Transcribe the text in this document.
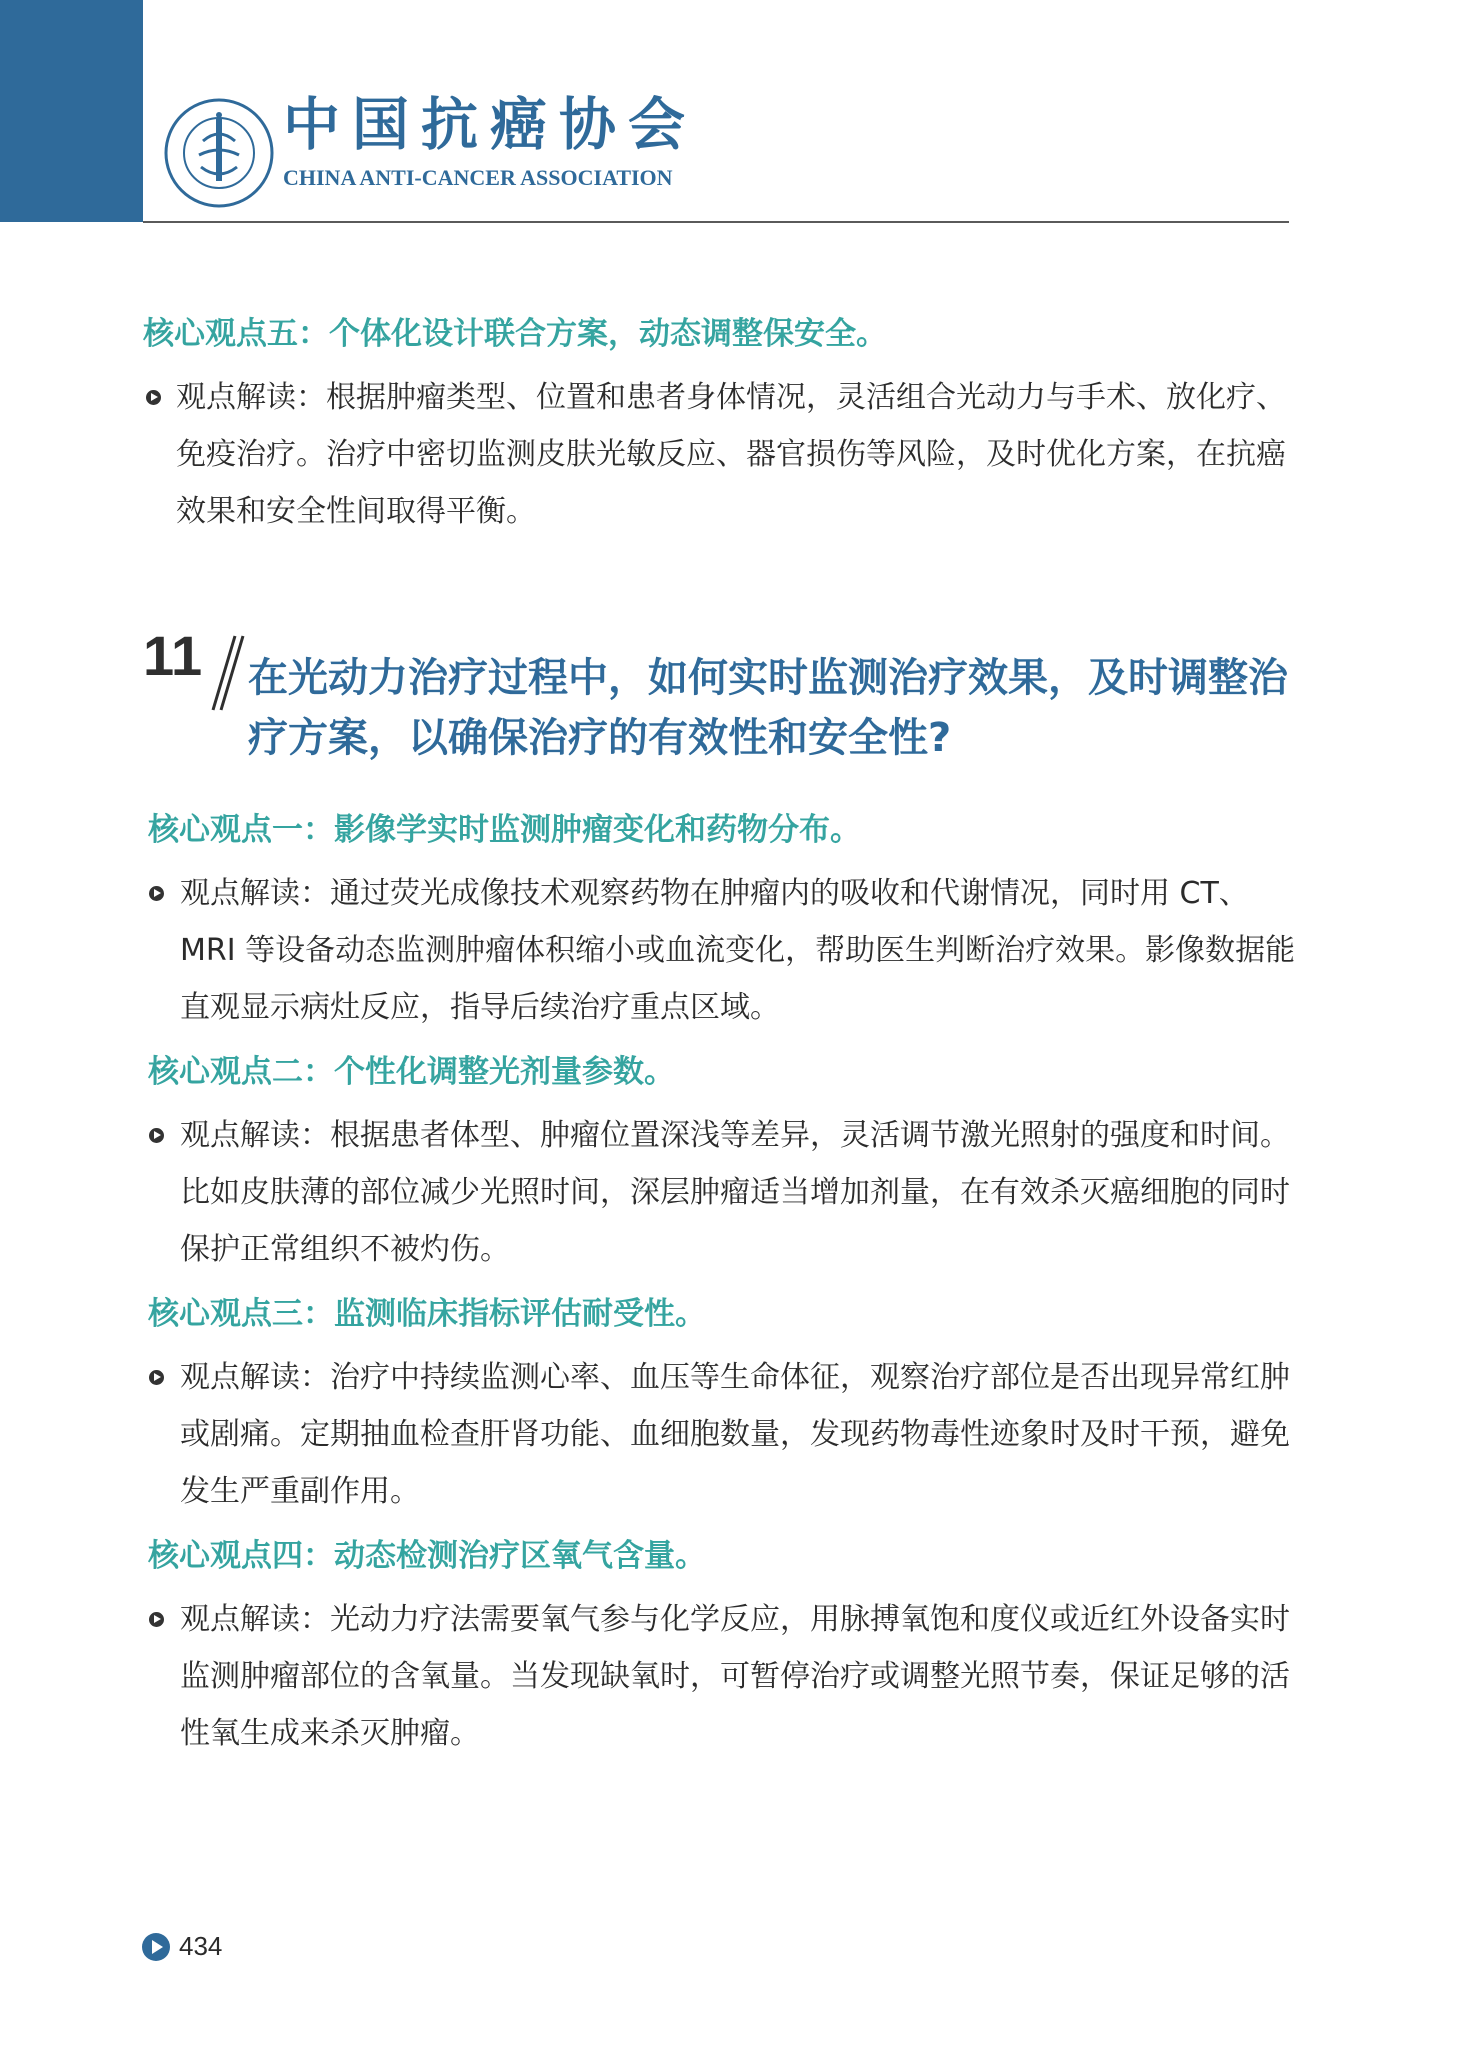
中国抗癌协会
CHINA ANTI-CANCER ASSOCIATION
核心观点五：个体化设计联合方案，动态调整保安全。

观点解读：根据肿瘤类型、位置和患者身体情况，灵活组合光动力与手术、放化疗、免疫治疗。治疗中密切监测皮肤光敏反应、器官损伤等风险，及时优化方案，在抗癌效果和安全性间取得平衡。

11 在光动力治疗过程中，如何实时监测治疗效果，及时调整治疗方案，以确保治疗的有效性和安全性?
核心观点一：影像学实时监测肿瘤变化和药物分布。

观点解读：通过荧光成像技术观察药物在肿瘤内的吸收和代谢情况，同时用 CT、MRI 等设备动态监测肿瘤体积缩小或血流变化，帮助医生判断治疗效果。影像数据能直观显示病灶反应，指导后续治疗重点区域。

核心观点二：个性化调整光剂量参数。

观点解读：根据患者体型、肿瘤位置深浅等差异，灵活调节激光照射的强度和时间。比如皮肤薄的部位减少光照时间，深层肿瘤适当增加剂量，在有效杀灭癌细胞的同时保护正常组织不被灼伤。

核心观点三：监测临床指标评估耐受性。

观点解读：治疗中持续监测心率、血压等生命体征，观察治疗部位是否出现异常红肿或剧痛。定期抽血检查肝肾功能、血细胞数量，发现药物毒性迹象时及时干预，避免发生严重副作用。

核心观点四：动态检测治疗区氧气含量。

观点解读：光动力疗法需要氧气参与化学反应，用脉搏氧饱和度仪或近红外设备实时监测肿瘤部位的含氧量。当发现缺氧时，可暂停治疗或调整光照节奏，保证足够的活性氧生成来杀灭肿瘤。

434
